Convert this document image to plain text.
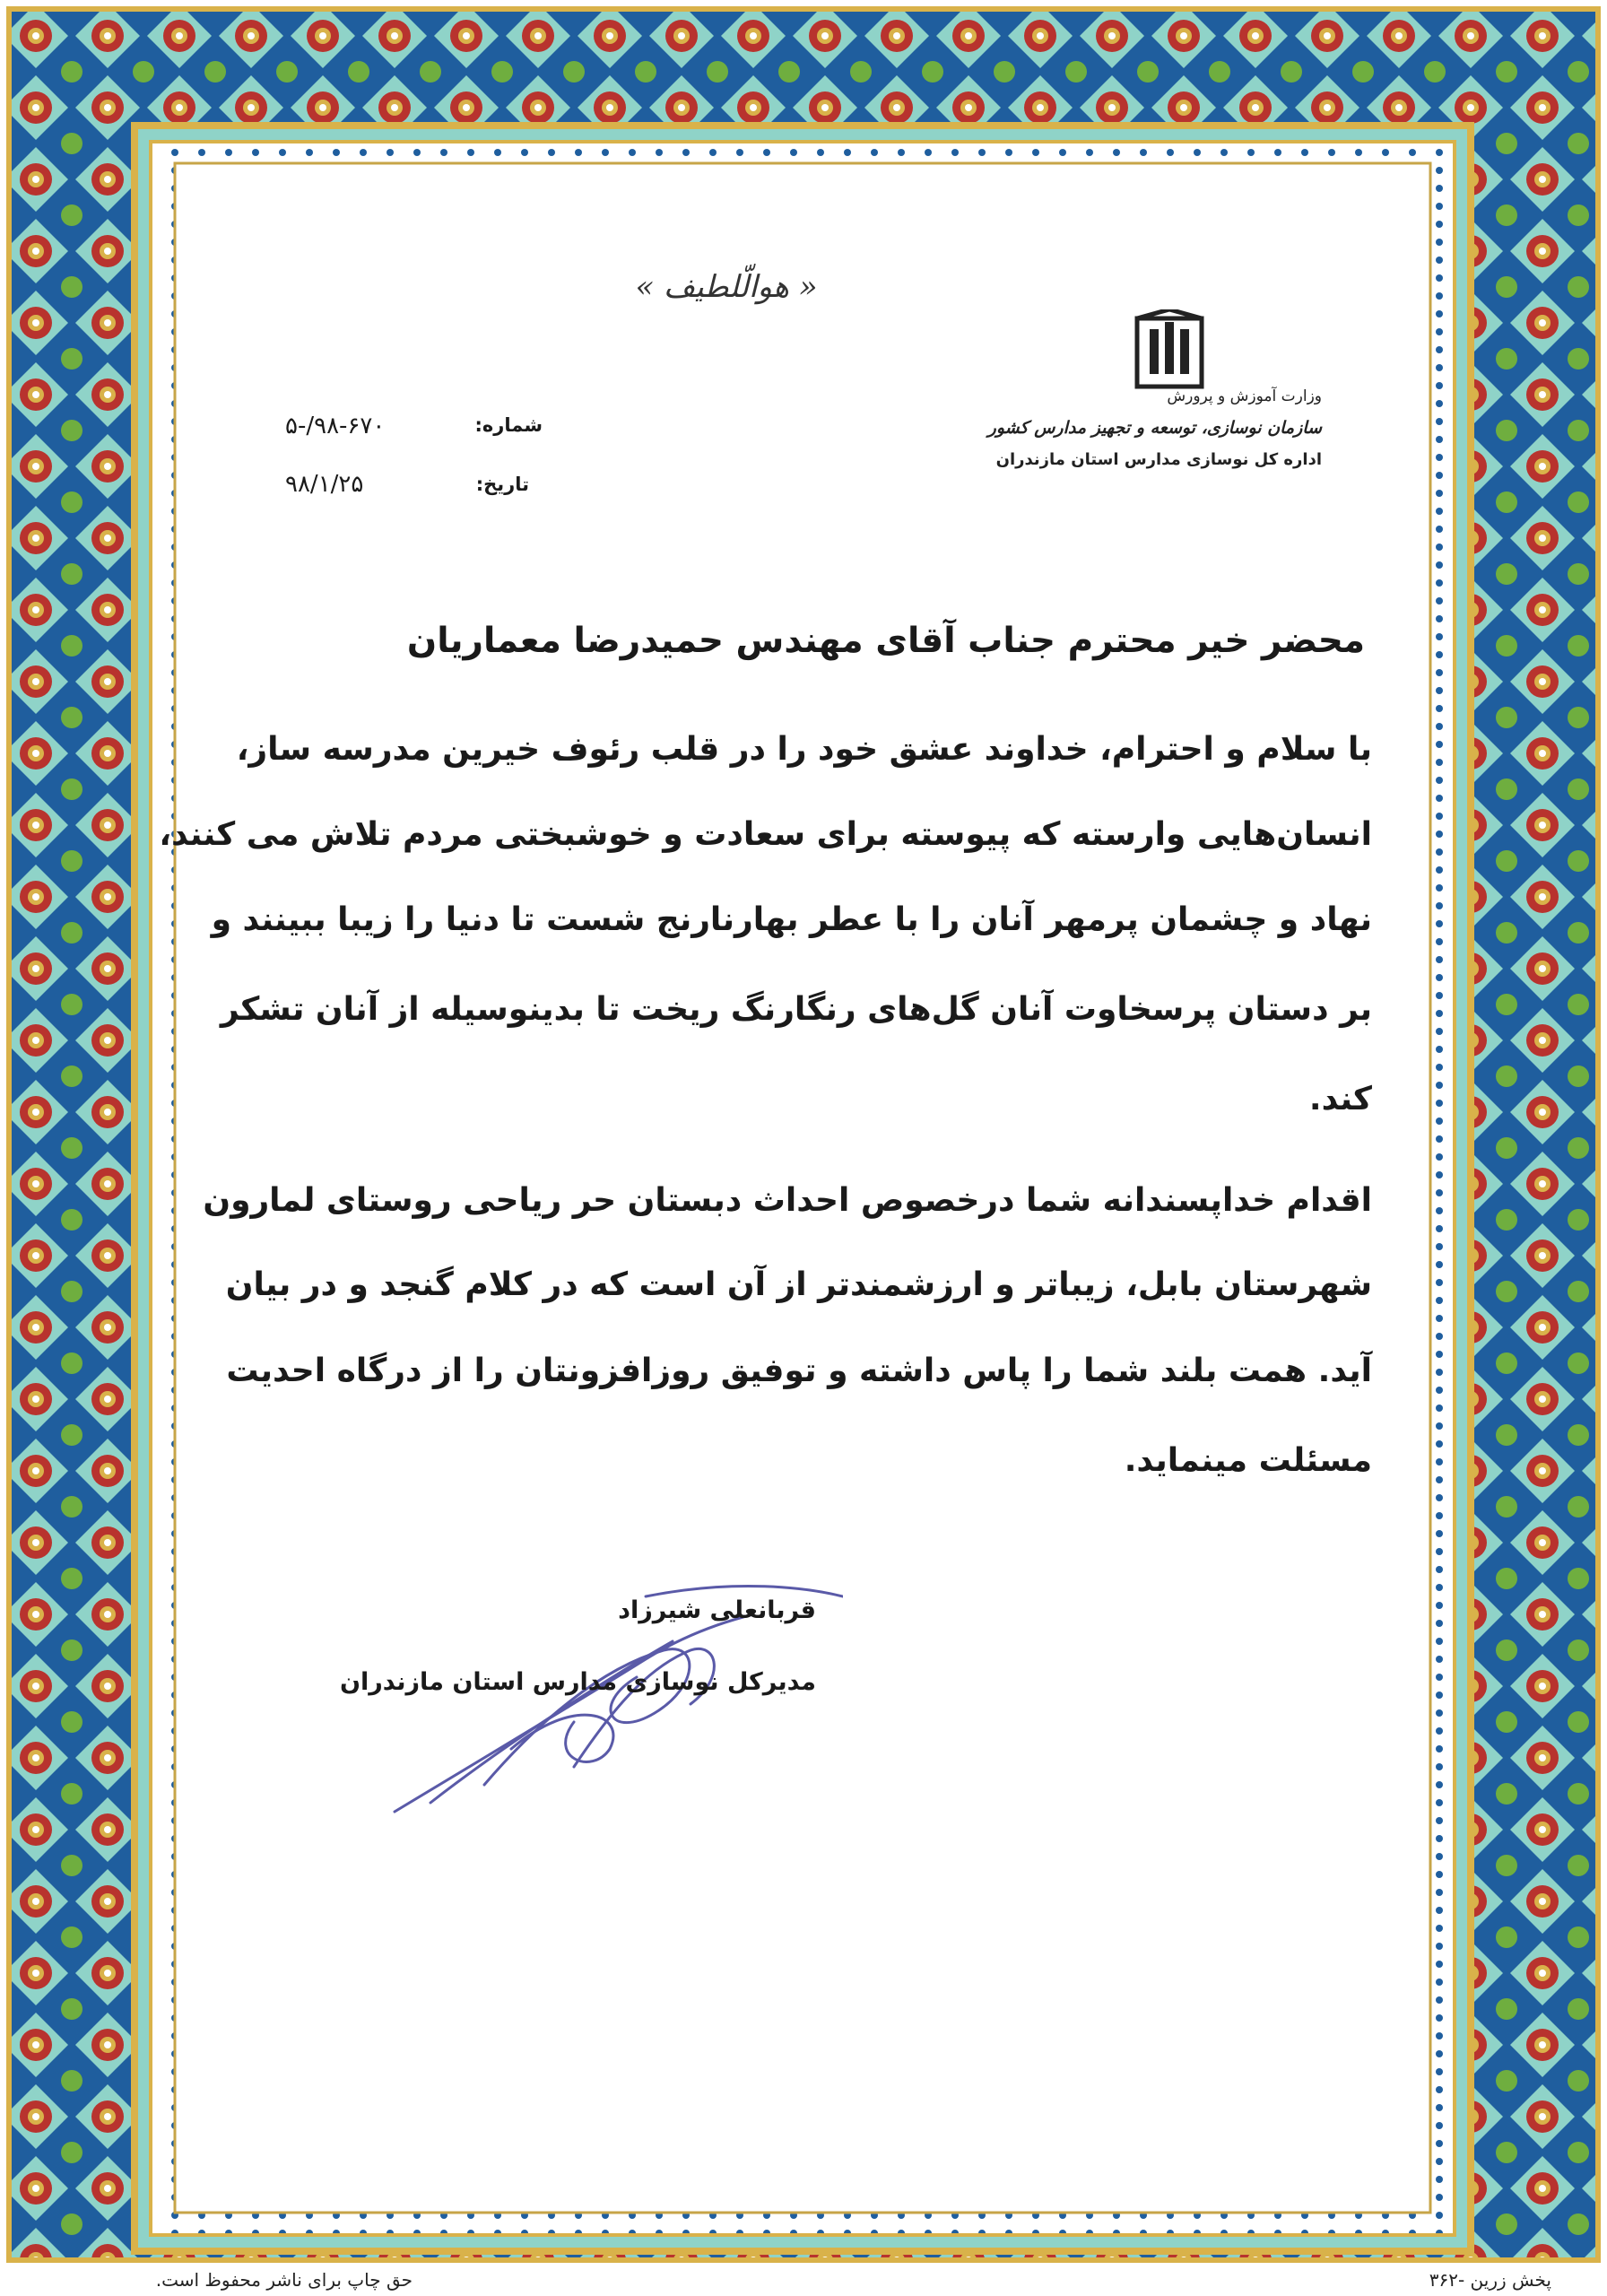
« هوالّلطیف »
وزارت آموزش و پرورش
سازمان نوسازی، توسعه و تجهیز مدارس کشور
اداره کل نوسازی مدارس استان مازندران
شماره:
۵-/۹۸-۶۷۰
تاریخ:
۹۸/۱/۲۵
محضر خیر محترم جناب آقای مهندس حمیدرضا معماریان
با سلام و احترام، خداوند عشق خود را در قلب رئوف خیرین مدرسه ساز،
انسان‌هایی وارسته که پیوسته برای سعادت و خوشبختی مردم تلاش می کنند،
نهاد و چشمان پرمهر آنان را با عطر بهارنارنج شست تا دنیا را زیبا ببینند و
بر دستان پرسخاوت آنان گل‌های رنگارنگ ریخت تا بدینوسیله از آنان تشکر
کند.
اقدام خداپسندانه شما درخصوص احداث دبستان حر ریاحی روستای لمارون
شهرستان بابل، زیباتر و ارزشمندتر از آن است که در کلام گنجد و در بیان
آید. همت بلند شما را پاس داشته و توفیق روزافزونتان را از درگاه احدیت
مسئلت مینماید.
قربانعلی شیرزاد
مدیرکل نوسازی مدارس استان مازندران
حق چاپ برای ناشر محفوظ است.	پخش زرین -۳۶۲
